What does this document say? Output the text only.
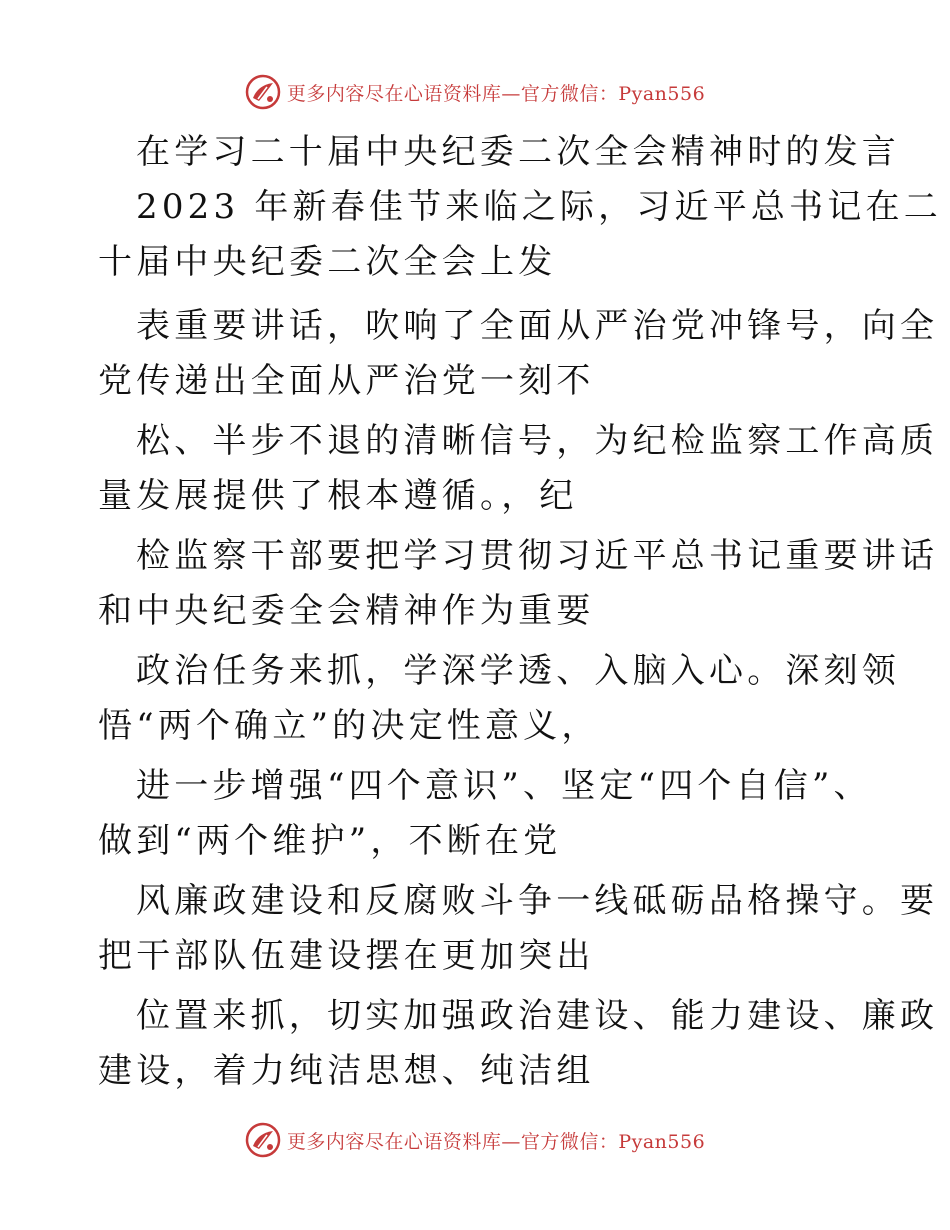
更多内容尽在心语资料库—官方微信：Pyan556
在学习二十届中央纪委二次全会精神时的发言
2023 年新春佳节来临之际，习近平总书记在二
十届中央纪委二次全会上发
表重要讲话，吹响了全面从严治党冲锋号，向全
党传递出全面从严治党一刻不
松、半步不退的清晰信号，为纪检监察工作高质
量发展提供了根本遵循。，纪
检监察干部要把学习贯彻习近平总书记重要讲话
和中央纪委全会精神作为重要
政治任务来抓，学深学透、入脑入心。深刻领
悟“两个确立”的决定性意义，
进一步增强“四个意识”、坚定“四个自信”、
做到“两个维护”，不断在党
风廉政建设和反腐败斗争一线砥砺品格操守。要
把干部队伍建设摆在更加突出
位置来抓，切实加强政治建设、能力建设、廉政
建设，着力纯洁思想、纯洁组
更多内容尽在心语资料库—官方微信：Pyan556
